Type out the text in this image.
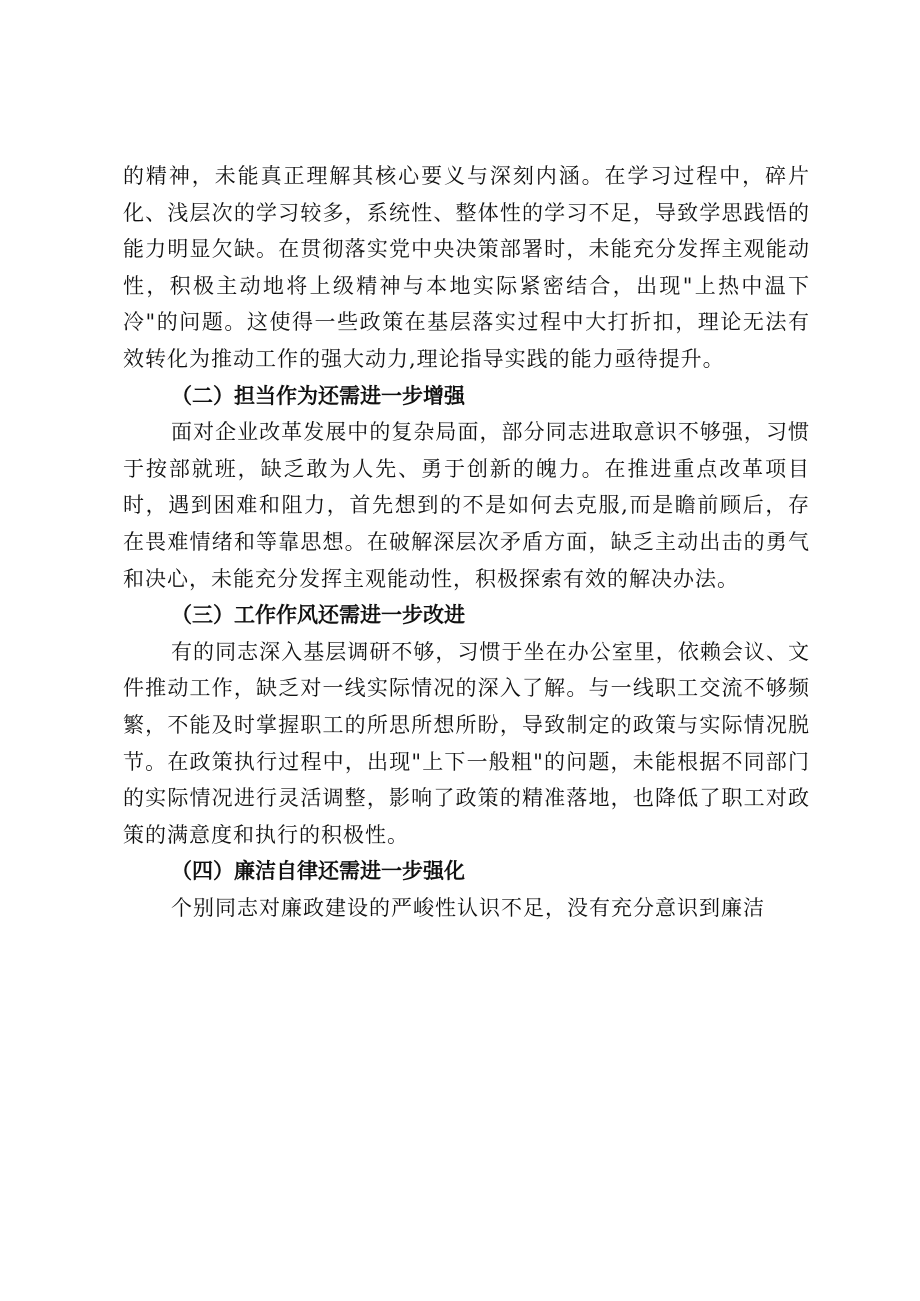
的精神，未能真正理解其核心要义与深刻内涵。在学习过程中，碎片化、浅层次的学习较多，系统性、整体性的学习不足，导致学思践悟的能力明显欠缺。在贯彻落实党中央决策部署时，未能充分发挥主观能动性，积极主动地将上级精神与本地实际紧密结合，出现"上热中温下冷"的问题。这使得一些政策在基层落实过程中大打折扣，理论无法有效转化为推动工作的强大动力,理论指导实践的能力亟待提升。

（二）担当作为还需进一步增强

面对企业改革发展中的复杂局面，部分同志进取意识不够强，习惯于按部就班，缺乏敢为人先、勇于创新的魄力。在推进重点改革项目时，遇到困难和阻力，首先想到的不是如何去克服,而是瞻前顾后，存在畏难情绪和等靠思想。在破解深层次矛盾方面，缺乏主动出击的勇气和决心，未能充分发挥主观能动性，积极探索有效的解决办法。

（三）工作作风还需进一步改进

有的同志深入基层调研不够，习惯于坐在办公室里，依赖会议、文件推动工作，缺乏对一线实际情况的深入了解。与一线职工交流不够频繁，不能及时掌握职工的所思所想所盼，导致制定的政策与实际情况脱节。在政策执行过程中，出现"上下一般粗"的问题，未能根据不同部门的实际情况进行灵活调整，影响了政策的精准落地，也降低了职工对政策的满意度和执行的积极性。

（四）廉洁自律还需进一步强化

个别同志对廉政建设的严峻性认识不足，没有充分意识到廉洁
